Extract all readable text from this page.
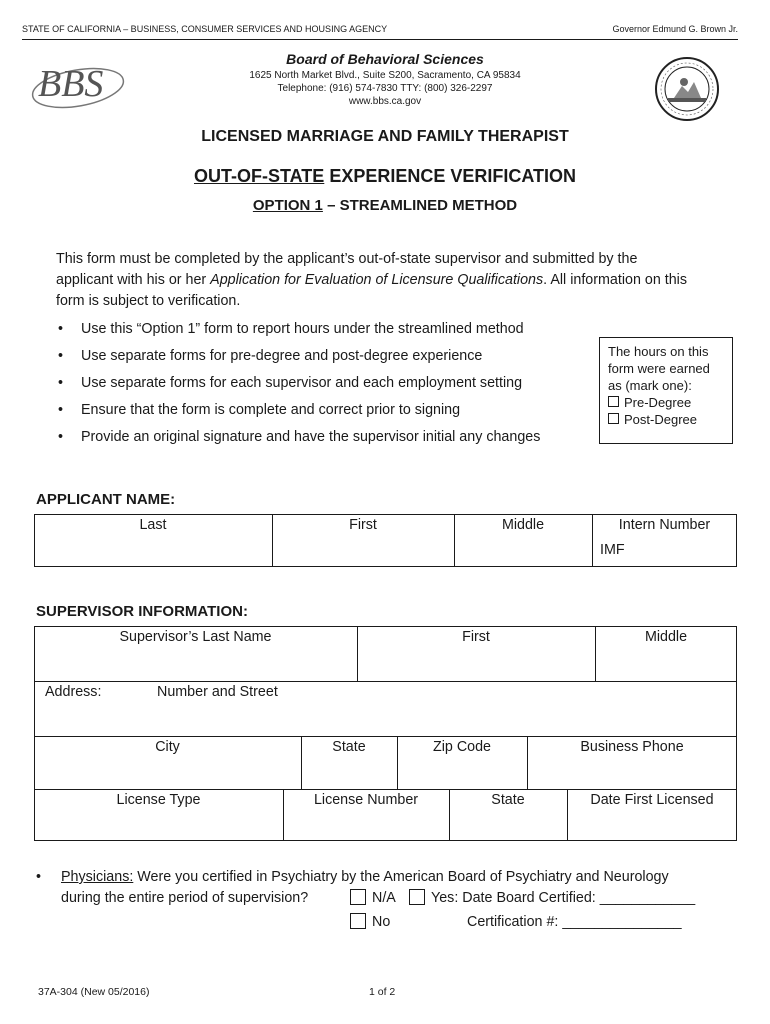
STATE OF CALIFORNIA – BUSINESS, CONSUMER SERVICES AND HOUSING AGENCY	Governor Edmund G. Brown Jr.
BBS
Board of Behavioral Sciences
1625 North Market Blvd., Suite S200, Sacramento, CA 95834
Telephone: (916) 574-7830 TTY: (800) 326-2297
www.bbs.ca.gov
LICENSED MARRIAGE AND FAMILY THERAPIST
OUT-OF-STATE EXPERIENCE VERIFICATION
OPTION 1 – STREAMLINED METHOD
This form must be completed by the applicant’s out-of-state supervisor and submitted by the applicant with his or her Application for Evaluation of Licensure Qualifications. All information on this form is subject to verification.
• Use this “Option 1” form to report hours under the streamlined method
• Use separate forms for pre-degree and post-degree experience
• Use separate forms for each supervisor and each employment setting
• Ensure that the form is complete and correct prior to signing
• Provide an original signature and have the supervisor initial any changes
The hours on this form were earned as (mark one):
Pre-Degree
Post-Degree
APPLICANT NAME:
Last	First	Middle	Intern Number
IMF
SUPERVISOR INFORMATION:
Supervisor’s Last Name	First	Middle
Address:	Number and Street
City	State	Zip Code	Business Phone
License Type	License Number	State	Date First Licensed
• Physicians: Were you certified in Psychiatry by the American Board of Psychiatry and Neurology
during the entire period of supervision?	N/A	Yes: Date Board Certified: ____________
No	Certification #: _______________
37A-304 (New 05/2016)	1 of 2
